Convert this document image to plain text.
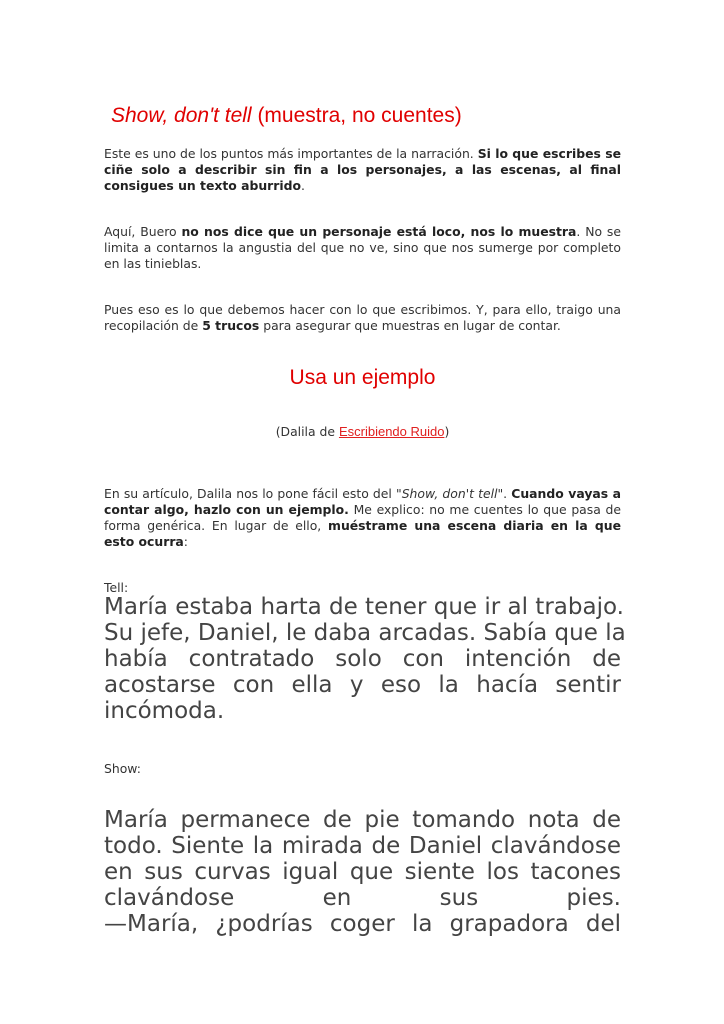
Show, don't tell (muestra, no cuentes)
Este es uno de los puntos más importantes de la narración. Si lo que escribes se ciñe solo a describir sin fin a los personajes, a las escenas, al final consigues un texto aburrido.
Aquí, Buero no nos dice que un personaje está loco, nos lo muestra. No se limita a contarnos la angustia del que no ve, sino que nos sumerge por completo en las tinieblas.
Pues eso es lo que debemos hacer con lo que escribimos. Y, para ello, traigo una recopilación de 5 trucos para asegurar que muestras en lugar de contar.
Usa un ejemplo
(Dalila de Escribiendo Ruido)
En su artículo, Dalila nos lo pone fácil esto del "Show, don't tell". Cuando vayas a contar algo, hazlo con un ejemplo. Me explico: no me cuentes lo que pasa de forma genérica. En lugar de ello, muéstrame una escena diaria en la que esto ocurra:
Tell:
María estaba harta de tener que ir al trabajo.
Su jefe, Daniel, le daba arcadas. Sabía que la
había contratado solo con intención de
acostarse con ella y eso la hacía sentir
incómoda.
Show:
María permanece de pie tomando nota de
todo. Siente la mirada de Daniel clavándose
en sus curvas igual que siente los tacones
clavándose en sus pies.
—María, ¿podrías coger la grapadora del
